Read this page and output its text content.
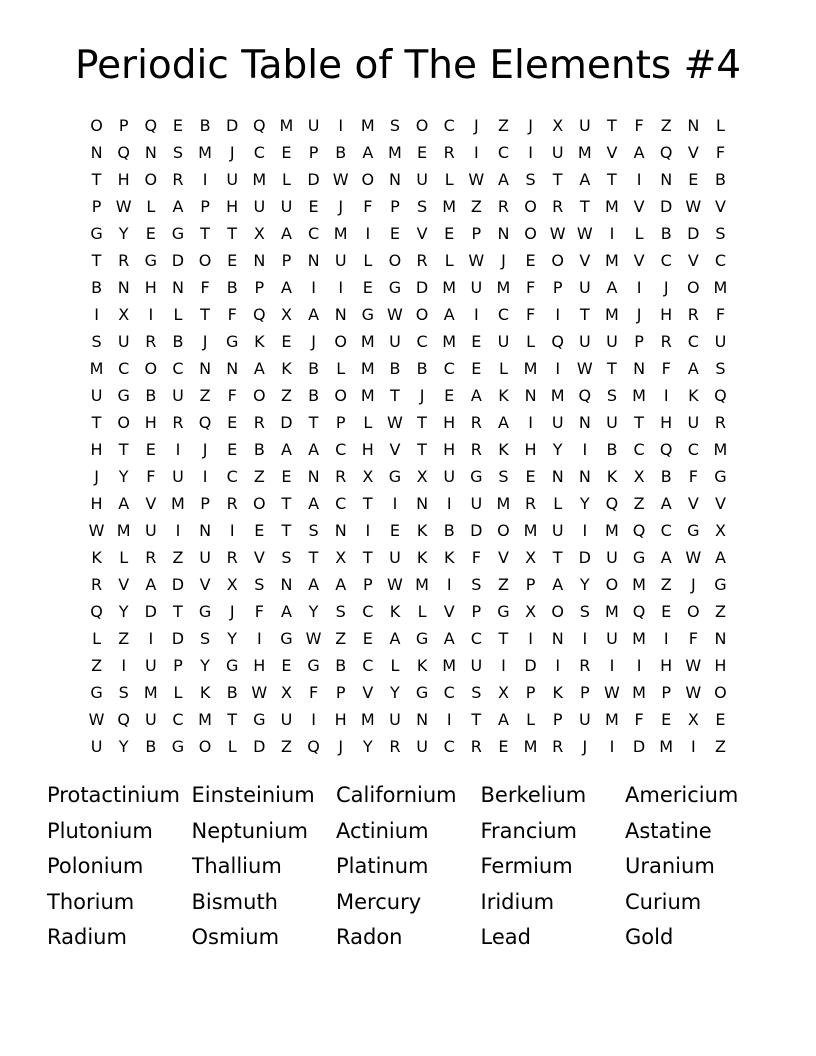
Periodic Table of The Elements #4
O	P	Q E	B D Q M U	I	M S O C	J	Z	J	X U	T	F	Z N	L
N Q N	S M	J	C	E	P	B	A M E	R	I	C	I	U M V	A Q V	F
T	H O R	I	U M L	D W O N U	L W A	S	T	A	T	I	N	E	B
P W L	A	P	H U U	E	J	F	P	S M Z	R O R	T M V D W V
G	Y	E G	T	T	X	A	C M	I	E	V	E	P	N O W W	I	L	B D S
T	R G D O E	N	P	N U	L	O R	L W	J	E O V M V	C	V	C
B N H N	F	B	P	A	I	I	E G D M U M F	P	U A	I	J	O M
I	X	I	L	T	F	Q X	A N G W O A	I	C	F	I	T M	J	H R	F
S	U R	B	J	G K	E	J	O M U C M E	U	L	Q U U	P	R C U
M C O C N N A	K	B	L M B	B	C	E	L M	I	W T	N	F	A	S
U G B U Z	F	O Z	B O M T	J	E	A	K N M Q S M	I	K Q
T O H R Q E	R D	T	P	L W T	H R	A	I	U N U	T	H U R
H	T	E	I	J	E	B	A	A	C H V	T	H R	K H	Y	I	B	C Q C M
J	Y	F	U	I	C	Z	E	N R	X G X U G S	E	N N K	X	B	F	G
H A	V M P	R O T	A	C	T	I	N	I	U M R	L	Y Q Z	A	V	V
W M U	I	N	I	E	T	S	N	I	E	K	B D O M U	I	M Q C G X
K	L	R	Z U R	V	S	T	X	T	U	K	K	F	V	X	T	D U G A W A
R	V	A D V	X	S	N A	A	P W M	I	S	Z	P	A	Y O M Z	J	G
Q Y	D	T	G	J	F	A	Y	S	C	K	L	V	P	G X O S M Q E O Z
L	Z	I	D S	Y	I	G W Z	E	A G A	C	T	I	N	I	U M	I	F	N
Z	I	U	P	Y	G H	E G B	C	L	K M U	I	D	I	R	I	I	H W H
G S M L	K	B W X	F	P	V	Y	G C	S	X	P	K	P W M P W O
W Q U C M T	G U	I	H M U N	I	T	A	L	P	U M F	E	X	E
U	Y	B G O	L	D Z Q	J	Y	R U C R	E M R	J	I	D M	I	Z
Protactinium Einsteinium	Californium	Berkelium	Americium
Plutonium	Neptunium	Actinium	Francium	Astatine
Polonium	Thallium	Platinum	Fermium	Uranium
Thorium	Bismuth	Mercury	Iridium	Curium
Radium	Osmium	Radon	Lead	Gold
